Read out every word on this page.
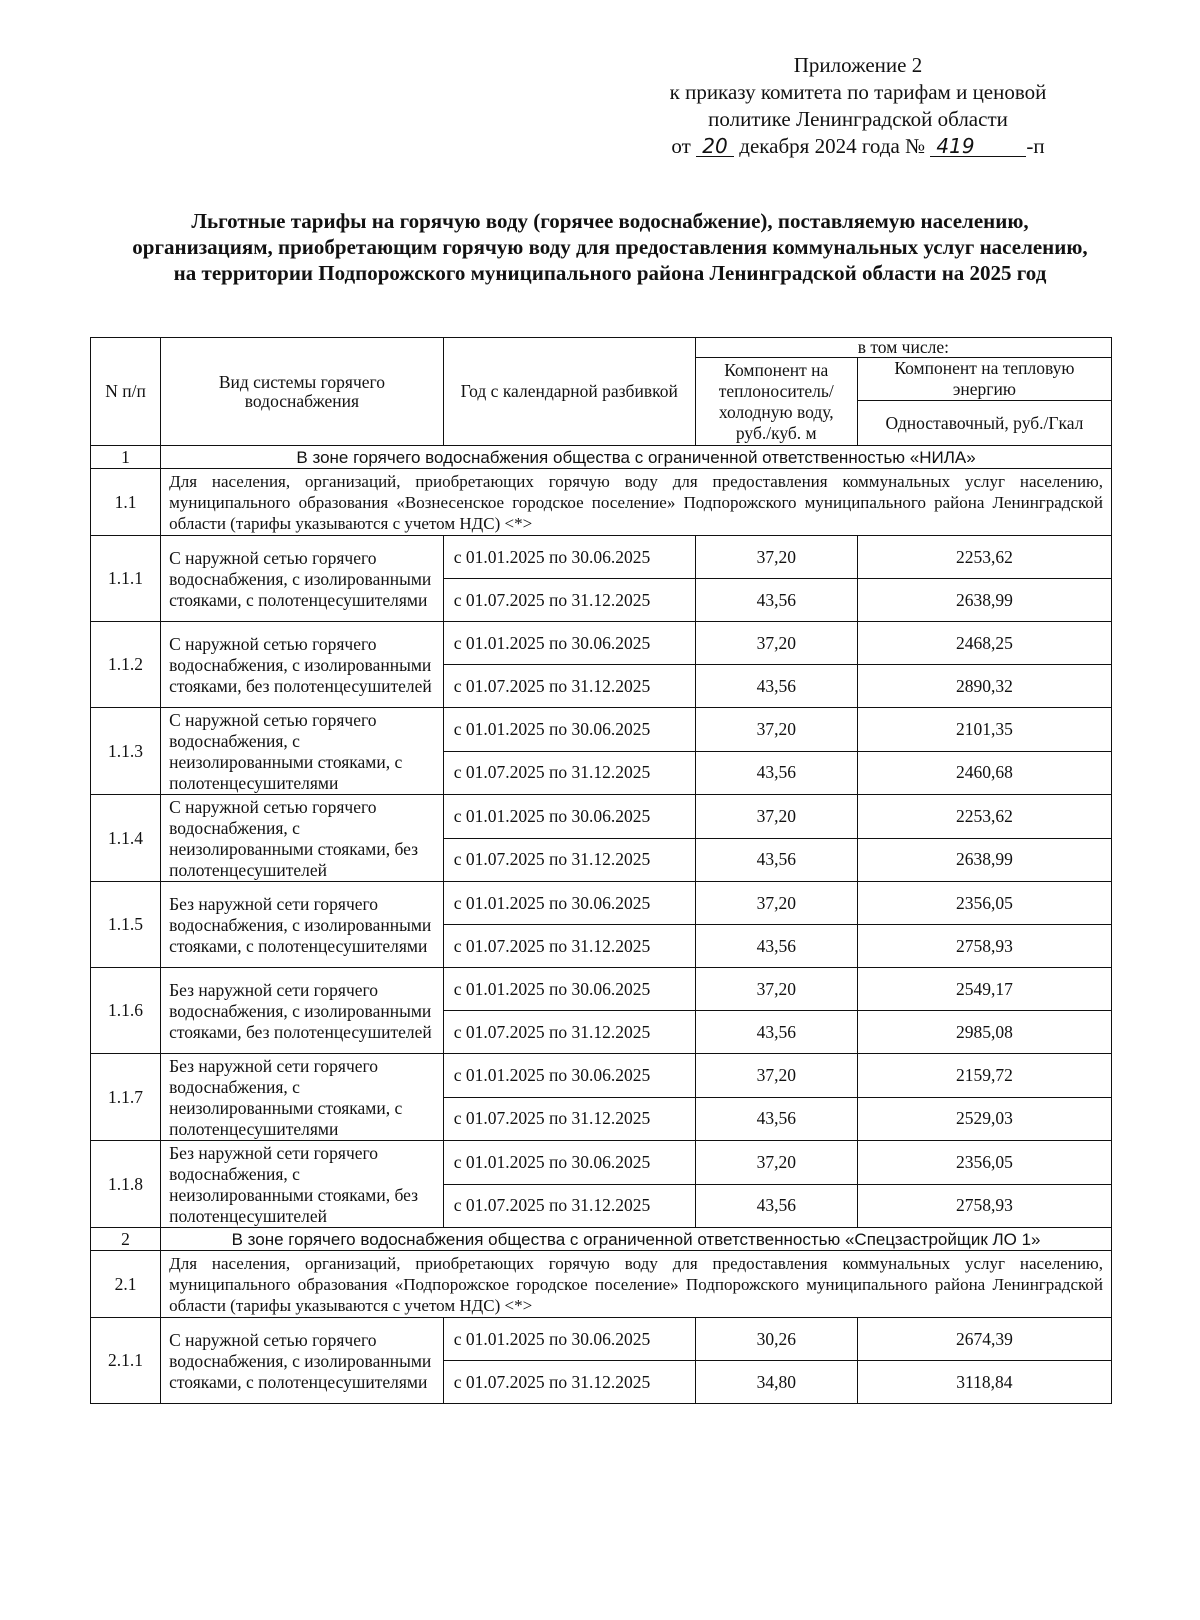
Приложение 2
к приказу комитета по тарифам и ценовой
политике Ленинградской области
от 20 декабря 2024 года № 419 -п
Льготные тарифы на горячую воду (горячее водоснабжение), поставляемую населению, организациям, приобретающим горячую воду для предоставления коммунальных услуг населению, на территории Подпорожского муниципального района Ленинградской области на 2025 год
N п/п	Вид системы горячего водоснабжения	Год с календарной разбивкой	в том числе:	
			Компонент на теплоноситель/ холодную воду, руб./куб. м	Компонент на тепловую энергию
				Одноставочный, руб./Гкал
1	В зоне горячего водоснабжения общества с ограниченной ответственностью «НИЛА»			
1.1	Для населения, организаций, приобретающих горячую воду для предоставления коммунальных услуг населению, муниципального образования «Вознесенское городское поселение» Подпорожского муниципального района Ленинградской области (тарифы указываются с учетом НДС) <*>			
1.1.1	С наружной сетью горячего водоснабжения, с изолированными стояками, с полотенцесушителями	с 01.01.2025 по 30.06.2025	37,20	2253,62
		с 01.07.2025 по 31.12.2025	43,56	2638,99
1.1.2	С наружной сетью горячего водоснабжения, с изолированными стояками, без полотенцесушителей	с 01.01.2025 по 30.06.2025	37,20	2468,25
		с 01.07.2025 по 31.12.2025	43,56	2890,32
1.1.3	С наружной сетью горячего водоснабжения, с неизолированными стояками, с полотенцесушителями	с 01.01.2025 по 30.06.2025	37,20	2101,35
		с 01.07.2025 по 31.12.2025	43,56	2460,68
1.1.4	С наружной сетью горячего водоснабжения, с неизолированными стояками, без полотенцесушителей	с 01.01.2025 по 30.06.2025	37,20	2253,62
		с 01.07.2025 по 31.12.2025	43,56	2638,99
1.1.5	Без наружной сети горячего водоснабжения, с изолированными стояками, с полотенцесушителями	с 01.01.2025 по 30.06.2025	37,20	2356,05
		с 01.07.2025 по 31.12.2025	43,56	2758,93
1.1.6	Без наружной сети горячего водоснабжения, с изолированными стояками, без полотенцесушителей	с 01.01.2025 по 30.06.2025	37,20	2549,17
		с 01.07.2025 по 31.12.2025	43,56	2985,08
1.1.7	Без наружной сети горячего водоснабжения, с неизолированными стояками, с полотенцесушителями	с 01.01.2025 по 30.06.2025	37,20	2159,72
		с 01.07.2025 по 31.12.2025	43,56	2529,03
1.1.8	Без наружной сети горячего водоснабжения, с неизолированными стояками, без полотенцесушителей	с 01.01.2025 по 30.06.2025	37,20	2356,05
		с 01.07.2025 по 31.12.2025	43,56	2758,93
2	В зоне горячего водоснабжения общества с ограниченной ответственностью «Спецзастройщик ЛО 1»			
2.1	Для населения, организаций, приобретающих горячую воду для предоставления коммунальных услуг населению, муниципального образования «Подпорожское городское поселение» Подпорожского муниципального района Ленинградской области (тарифы указываются с учетом НДС) <*>			
2.1.1	С наружной сетью горячего водоснабжения, с изолированными стояками, с полотенцесушителями	с 01.01.2025 по 30.06.2025	30,26	2674,39
		с 01.07.2025 по 31.12.2025	34,80	3118,84
